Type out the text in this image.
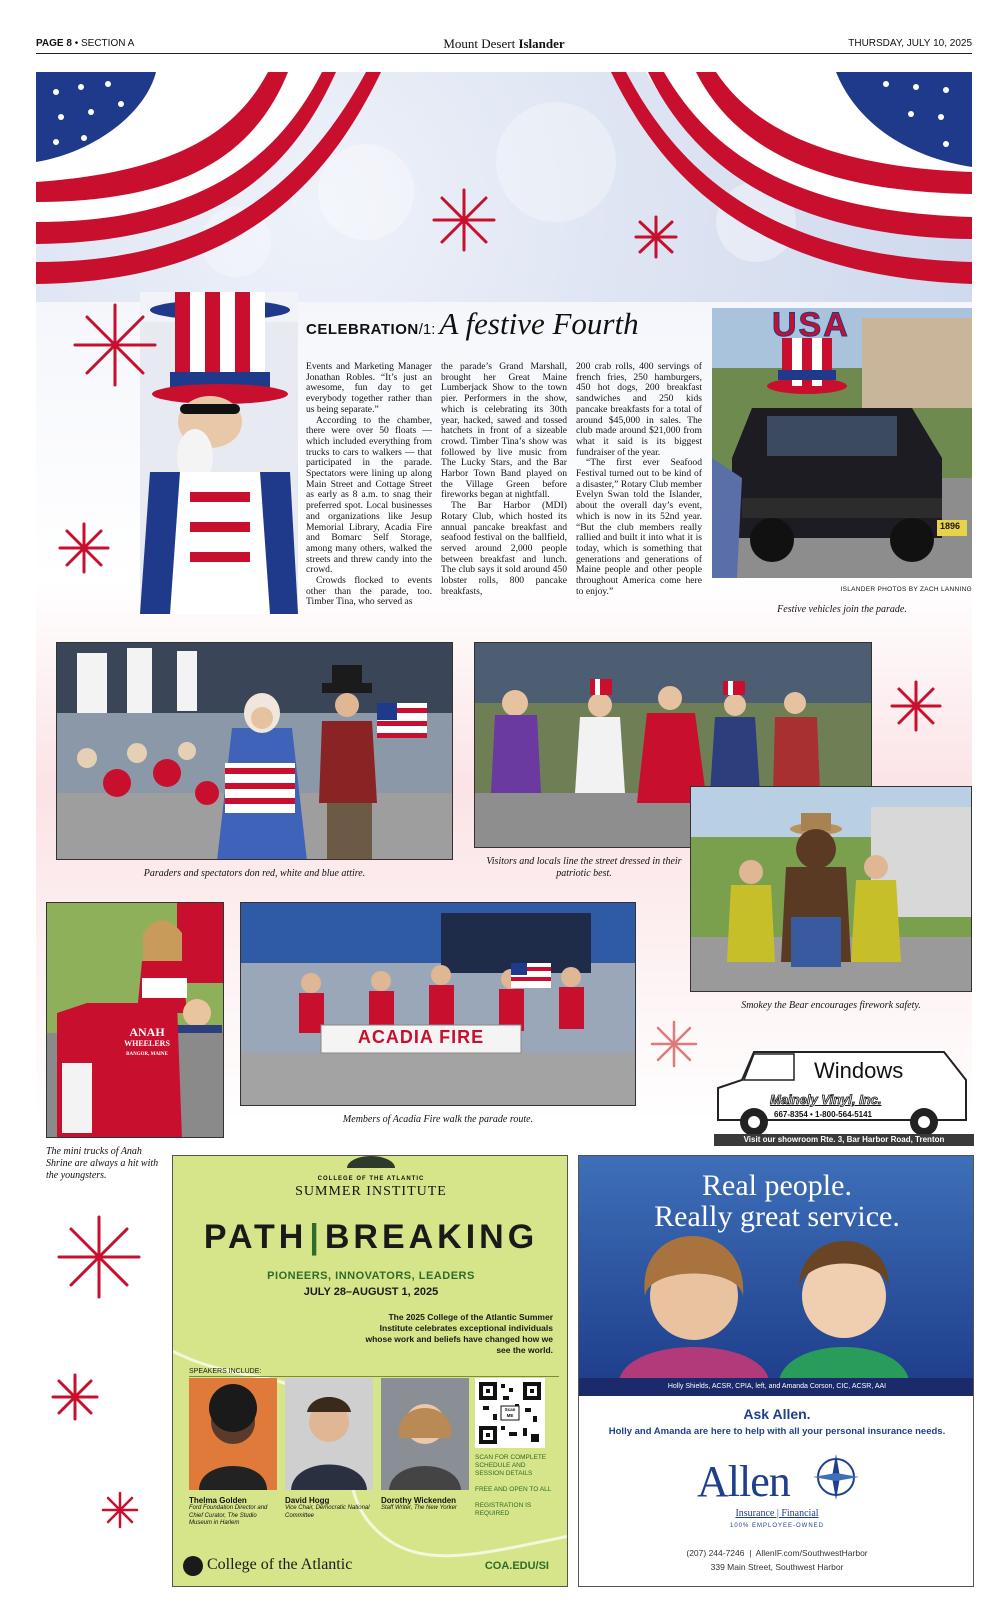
PAGE 8 • SECTION A	Mount Desert Islander	THURSDAY, JULY 10, 2025
CELEBRATION/1: A festive Fourth

Events and Marketing Manager Jonathan Robles. “It’s just an awesome, fun day to get everybody together rather than us being separate.”

According to the chamber, there were over 50 floats — which included everything from trucks to cars to walkers — that participated in the parade. Spectators were lining up along Main Street and Cottage Street as early as 8 a.m. to snag their preferred spot. Local businesses and organizations like Jesup Memorial Library, Acadia Fire and Bomarc Self Storage, among many others, walked the streets and threw candy into the crowd.

Crowds flocked to events other than the parade, too. Timber Tina, who served as

the parade’s Grand Marshall, brought her Great Maine Lumberjack Show to the town pier. Performers in the show, which is celebrating its 30th year, hacked, sawed and tossed hatchets in front of a sizeable crowd. Timber Tina’s show was followed by live music from The Lucky Stars, and the Bar Harbor Town Band played on the Village Green before fireworks began at nightfall.

The Bar Harbor (MDI) Rotary Club, which hosted its annual pancake breakfast and seafood festival on the ballfield, served around 2,000 people between breakfast and lunch. The club says it sold around 450 lobster rolls, 800 pancake breakfasts,

200 crab rolls, 400 servings of french fries, 250 hamburgers, 450 hot dogs, 200 breakfast sandwiches and 250 kids pancake breakfasts for a total of around $45,000 in sales. The club made around $21,000 from what it said is its biggest fundraiser of the year.

“The first ever Seafood Festival turned out to be kind of a disaster,” Rotary Club member Evelyn Swan told the Islander, about the overall day’s event, which is now in its 52nd year. “But the club members really rallied and built it into what it is today, which is something that generations and generations of Maine people and other people throughout America come here to enjoy.”

USA
1896
ISLANDER PHOTOS BY ZACH LANNING
Festive vehicles join the parade.
Paraders and spectators don red, white and blue attire.
Visitors and locals line the street dressed in their patriotic best.
Smokey the Bear encourages firework safety.
ANAH
WHEELERS
BANGOR, MAINE
The mini trucks of Anah Shrine are always a hit with the youngsters.
ACADIA FIRE
Members of Acadia Fire walk the parade route.
Windows
Mainely Vinyl, Inc.
667-8354 • 1-800-564-5141
Visit our showroom Rte. 3, Bar Harbor Road, Trenton
COLLEGE OF THE ATLANTIC
SUMMER INSTITUTE
PATH|BREAKING
PIONEERS, INNOVATORS, LEADERS
JULY 28–AUGUST 1, 2025
The 2025 College of the Atlantic Summer Institute celebrates exceptional individuals whose work and beliefs have changed how we see the world.
SPEAKERS INCLUDE:
Scan ME
Thelma Golden
Ford Foundation Director and Chief Curator, The Studio Museum in Harlem
David Hogg
Vice Chair, Democratic National Committee
Dorothy Wickenden
Staff Writer, The New Yorker
SCAN FOR COMPLETE SCHEDULE AND SESSION DETAILS
FREE AND OPEN TO ALL
REGISTRATION IS REQUIRED
College of the Atlantic	COA.EDU/SI
Real people.
Really great service.
Holly Shields, ACSR, CPIA, left, and Amanda Corson, CIC, ACSR, AAI
Ask Allen.
Holly and Amanda are here to help with all your personal insurance needs.
Allen
Insurance | Financial
100% EMPLOYEE-OWNED
(207) 244-7246  |  AllenIF.com/SouthwestHarbor
339 Main Street, Southwest Harbor
